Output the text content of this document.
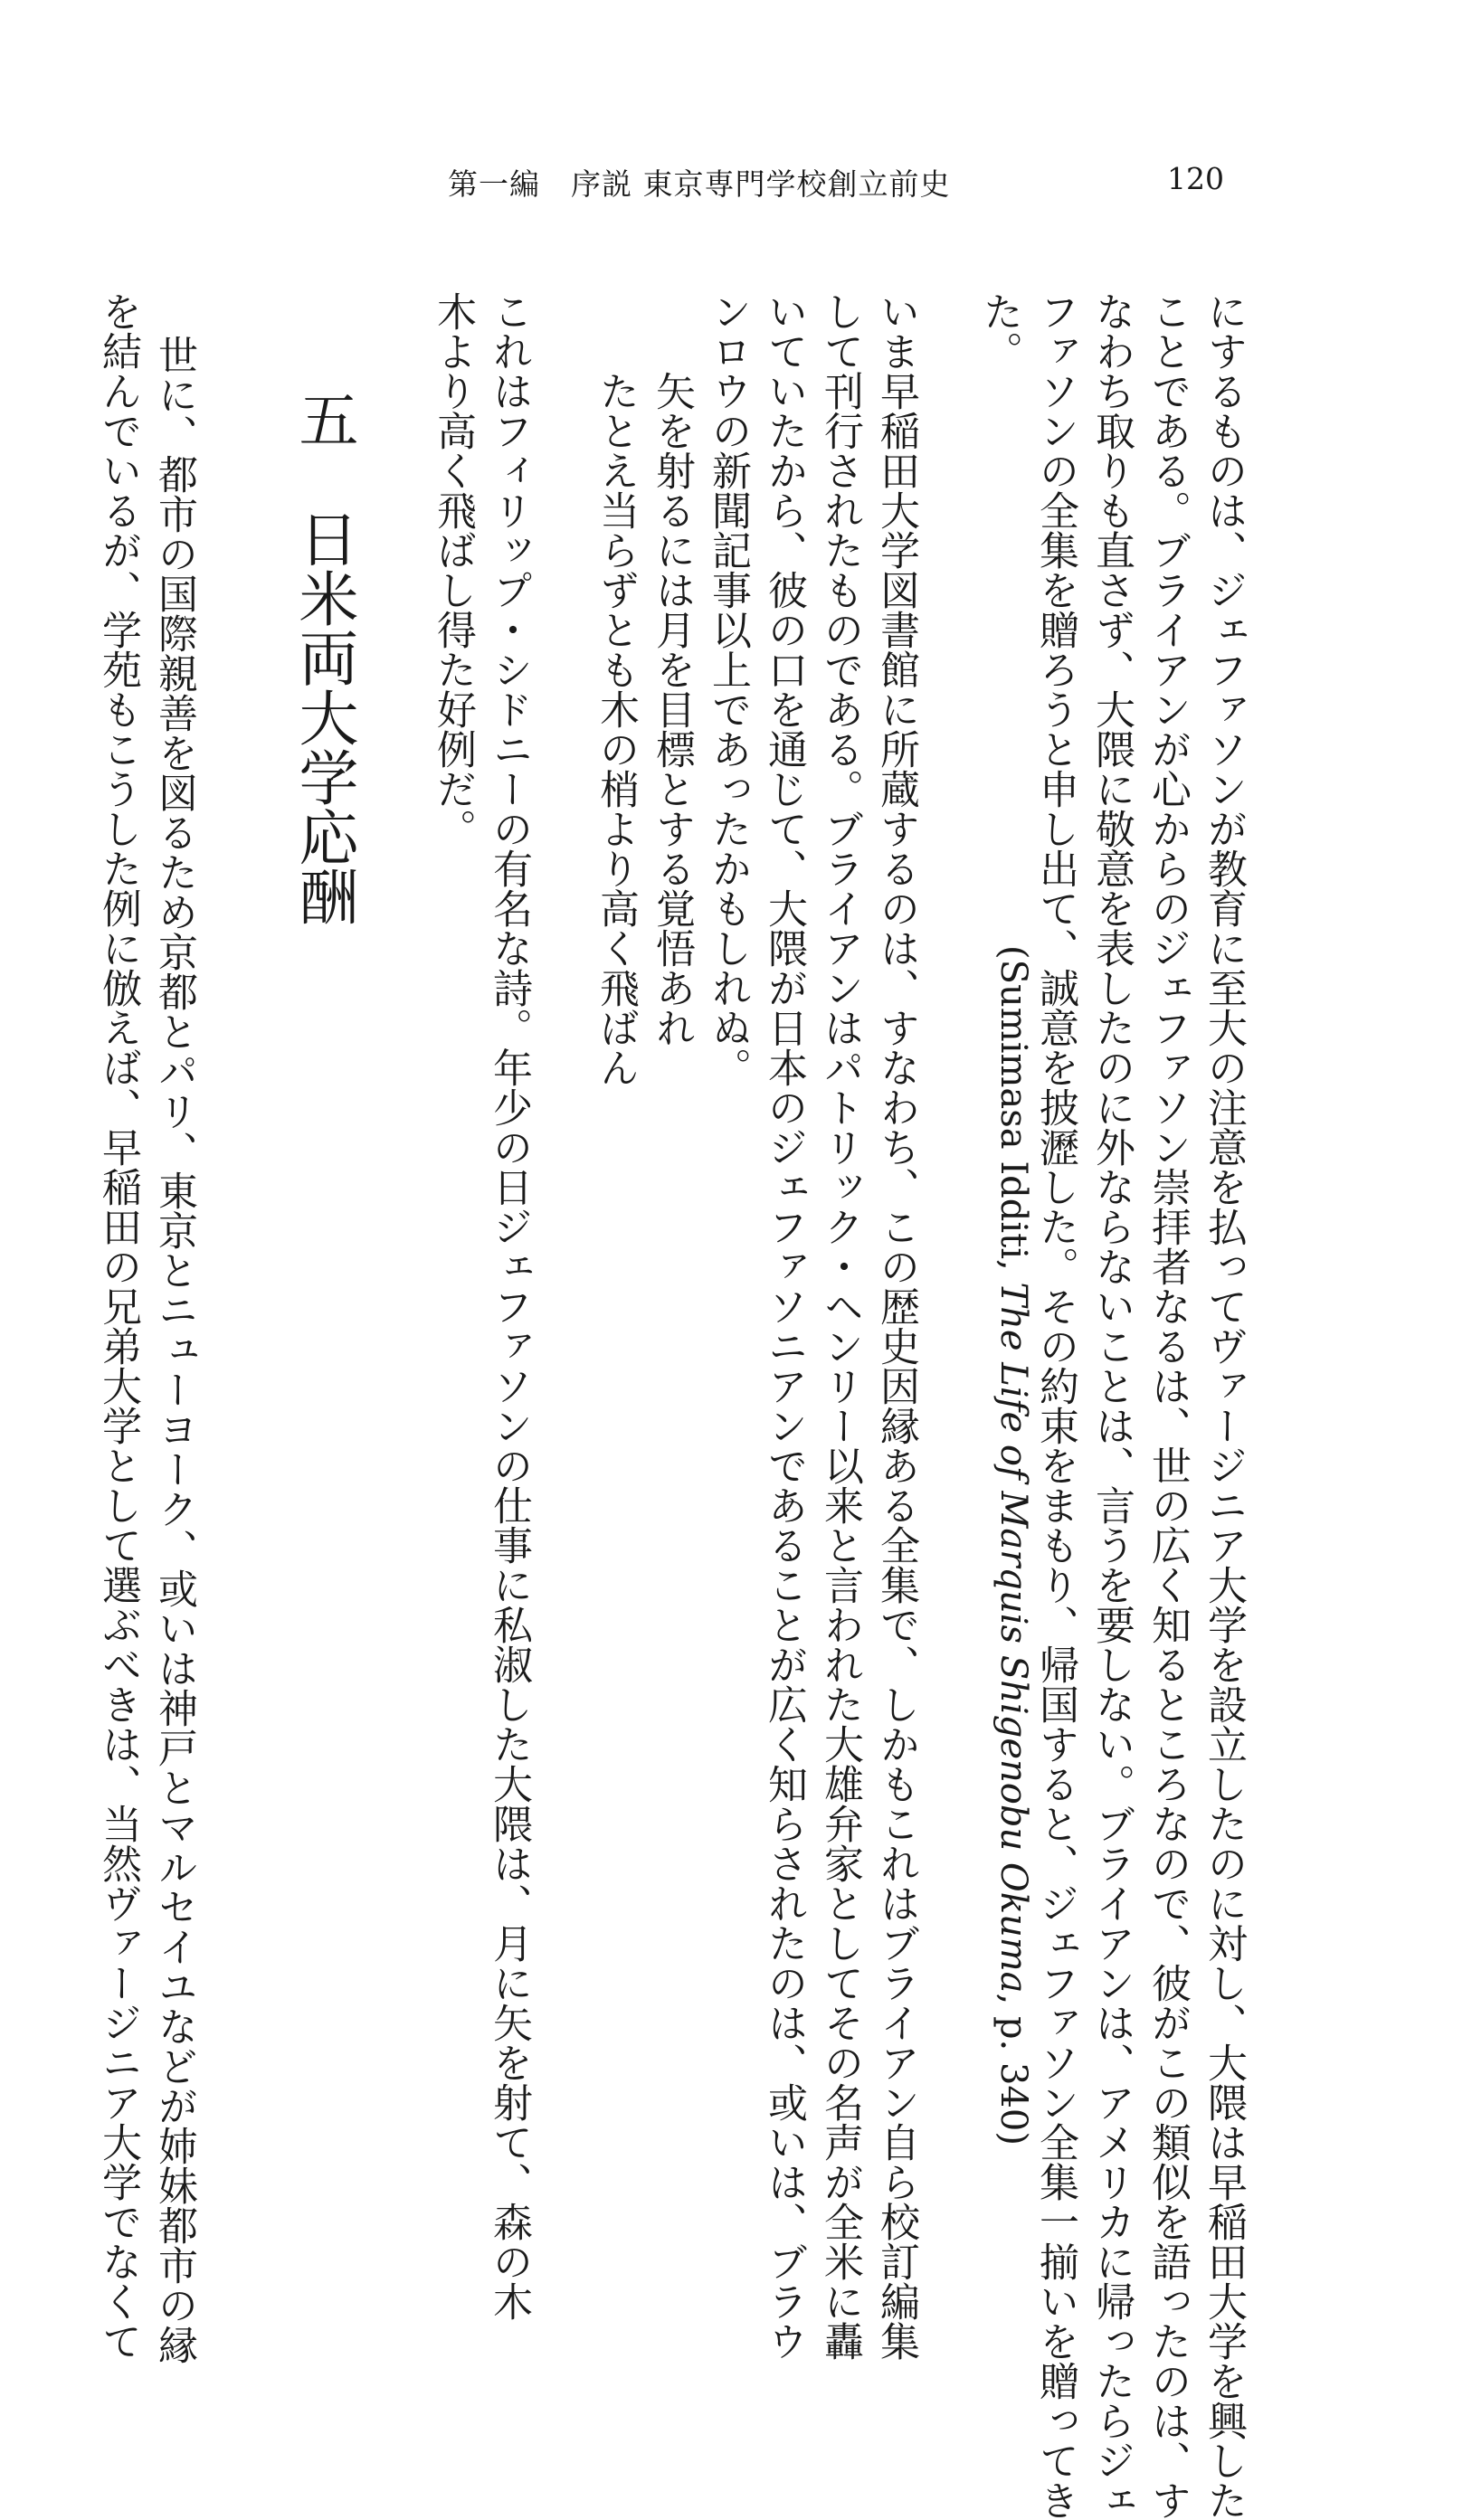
第一編　序説 東京専門学校創立前史	120
にするものは、ジェファソンが教育に至大の注意を払ってヴァージニア大学を設立したのに対し、大隈は早稲田大学を興した
ことである。ブライアンが心からのジェファソン崇拝者なるは、世の広く知るところなので、彼がこの類似を語ったのは、す
なわち取りも直さず、大隈に敬意を表したのに外ならないことは、言うを要しない。ブライアンは、アメリカに帰ったらジェ
ファソンの全集を贈ろうと申し出て、誠意を披瀝した。その約束をまもり、帰国すると、ジェファソン全集一揃いを贈ってき
た。
(Sumimasa Idditi, The Life of Marquis Shigenobu Okuma, p. 340)
いま早稲田大学図書館に所蔵するのは、すなわち、この歴史因縁ある全集で、しかもこれはブライアン自ら校訂編集
して刊行されたものである。ブライアンはパトリック・ヘンリー以来と言われた大雄弁家としてその名声が全米に轟
いていたから、彼の口を通じて、大隈が日本のジェファソニアンであることが広く知らされたのは、或いは、ブラウ
ンロウの新聞記事以上であったかもしれぬ。
矢を射るには月を目標とする覚悟あれ
たとえ当らずとも木の梢より高く飛ばん
これはフィリップ・シドニーの有名な詩。年少の日ジェファソンの仕事に私淑した大隈は、月に矢を射て、森の木
木より高く飛ばし得た好例だ。
五　日米両大学応酬
世に、都市の国際親善を図るため京都とパリ、東京とニューヨーク、或いは神戸とマルセイユなどが姉妹都市の縁
を結んでいるが、学苑もこうした例に倣えば、早稲田の兄弟大学として選ぶべきは、当然ヴァージニア大学でなくて
